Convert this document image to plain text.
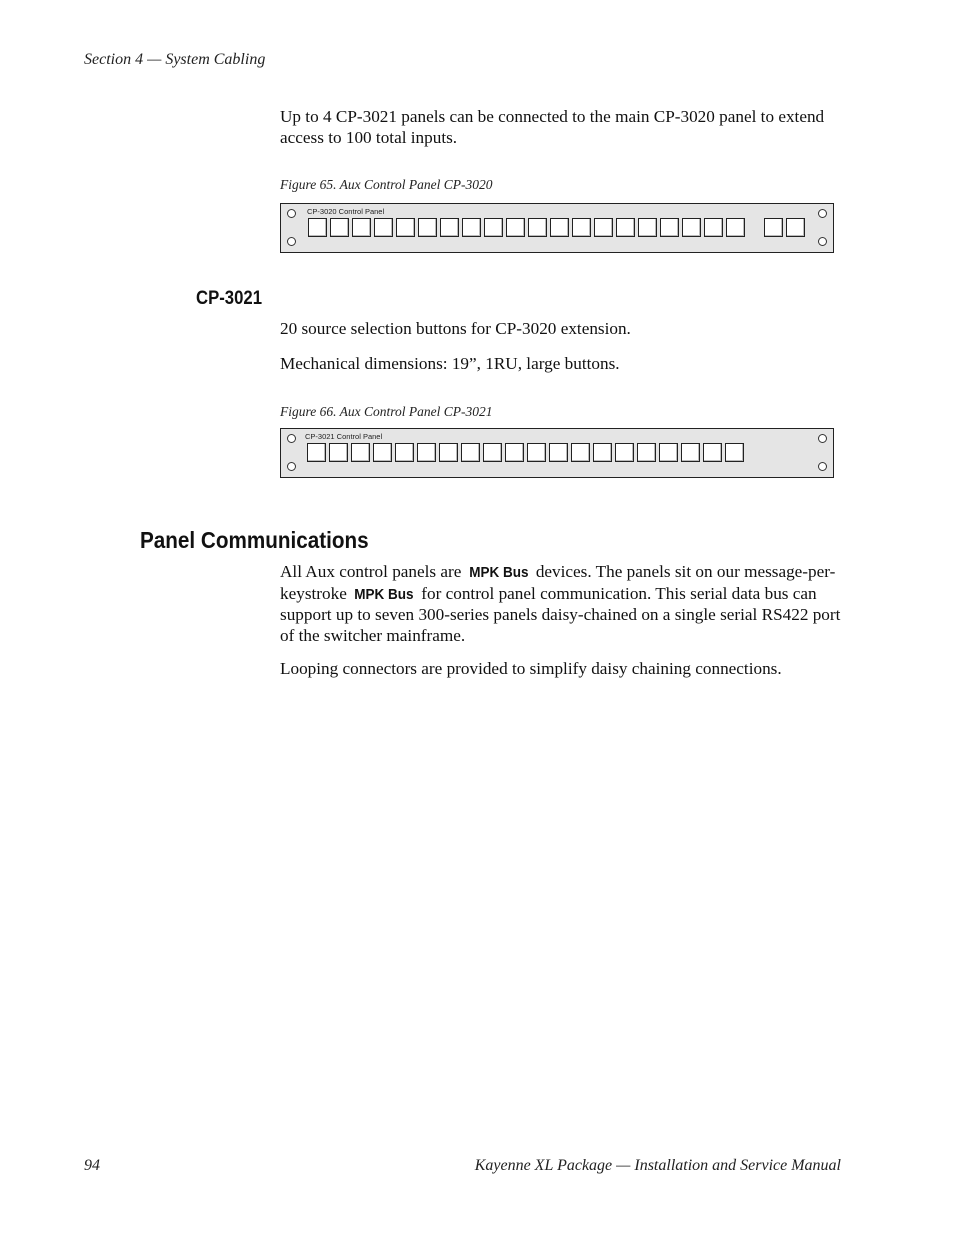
Section 4 — System Cabling
Up to 4 CP-3021 panels can be connected to the main CP-3020 panel to extend access to 100 total inputs.
Figure 65. Aux Control Panel CP-3020
CP-3020 Control Panel
CP-3021
20 source selection buttons for CP-3020 extension.
Mechanical dimensions: 19”, 1RU, large buttons.
Figure 66. Aux Control Panel CP-3021
CP-3021 Control Panel
Panel Communications
All Aux control panels are MPK Bus devices. The panels sit on our message-per-keystroke MPK Bus for control panel communication. This serial data bus can support up to seven 300-series panels daisy-chained on a single serial RS422 port of the switcher mainframe.
Looping connectors are provided to simplify daisy chaining connections.
94	Kayenne XL Package — Installation and Service Manual
